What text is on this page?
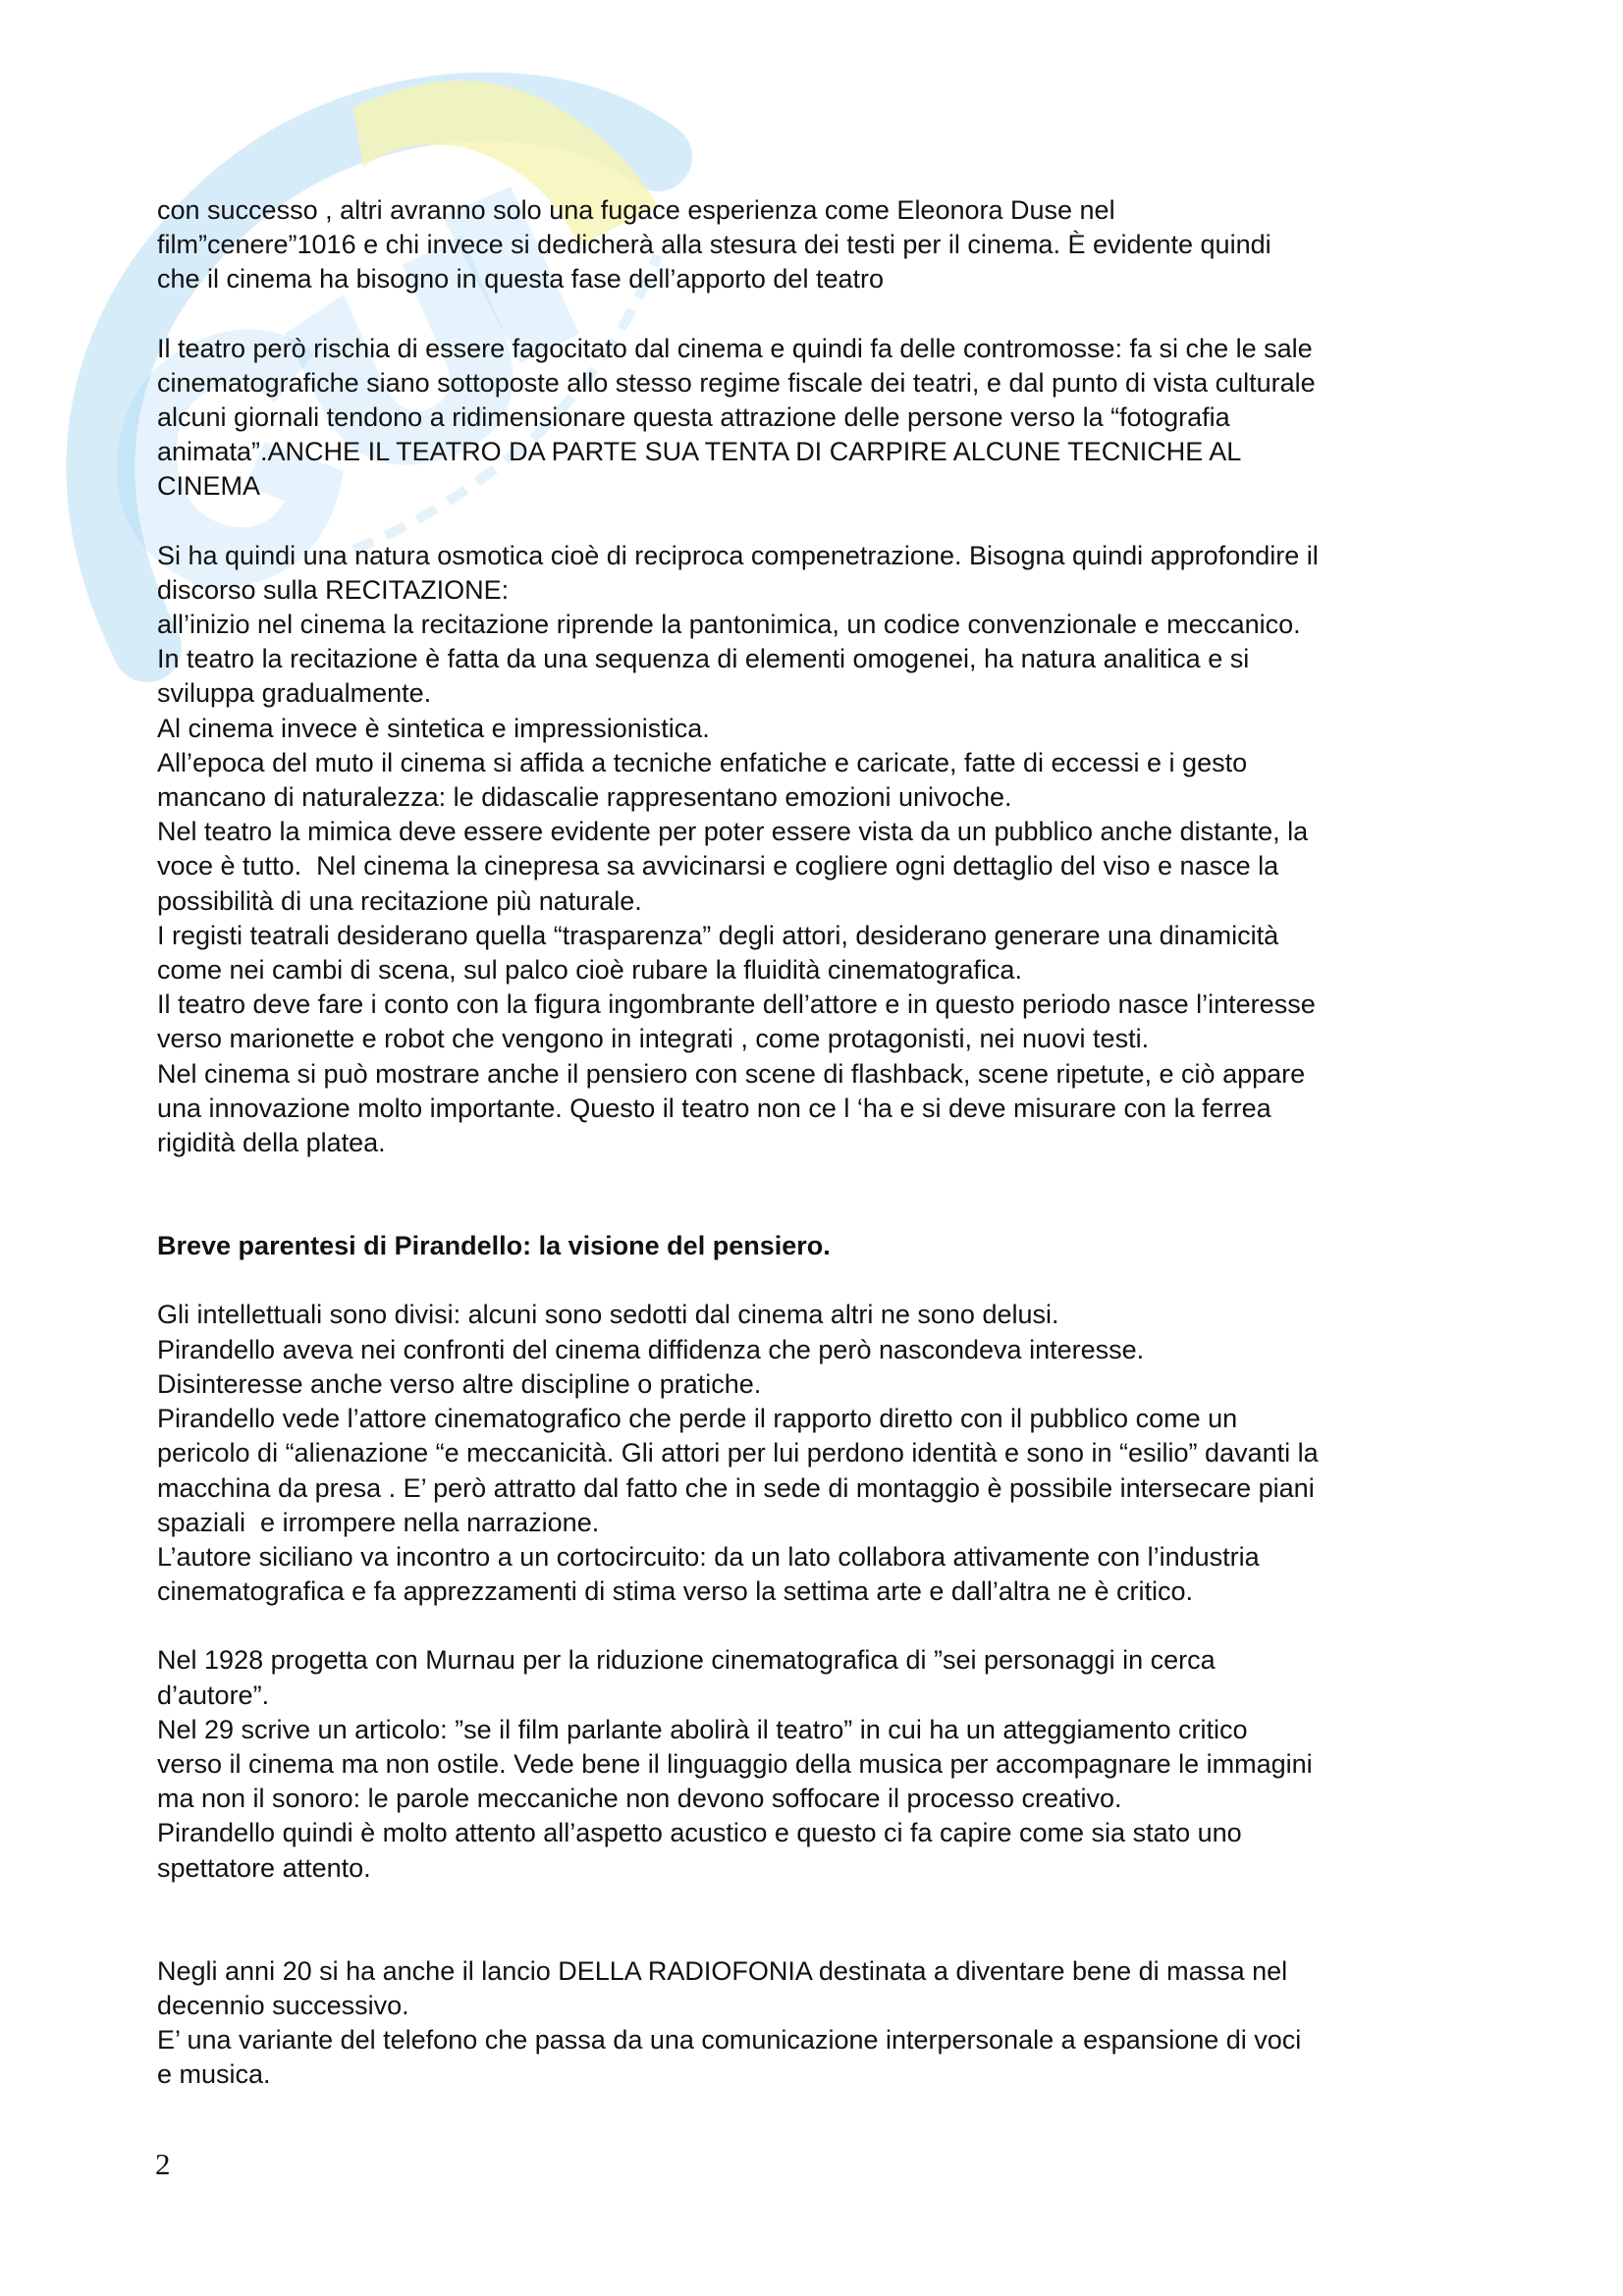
con successo , altri avranno solo una fugace esperienza come Eleonora Duse nel
film”cenere”1016 e chi invece si dedicherà alla stesura dei testi per il cinema. È evidente quindi
che il cinema ha bisogno in questa fase dell’apporto del teatro

Il teatro però rischia di essere fagocitato dal cinema e quindi fa delle contromosse: fa si che le sale
cinematografiche siano sottoposte allo stesso regime fiscale dei teatri, e dal punto di vista culturale
alcuni giornali tendono a ridimensionare questa attrazione delle persone verso la “fotografia
animata”.ANCHE IL TEATRO DA PARTE SUA TENTA DI CARPIRE ALCUNE TECNICHE AL
CINEMA

Si ha quindi una natura osmotica cioè di reciproca compenetrazione. Bisogna quindi approfondire il
discorso sulla RECITAZIONE:
all’inizio nel cinema la recitazione riprende la pantonimica, un codice convenzionale e meccanico.
In teatro la recitazione è fatta da una sequenza di elementi omogenei, ha natura analitica e si
sviluppa gradualmente.
Al cinema invece è sintetica e impressionistica.
All’epoca del muto il cinema si affida a tecniche enfatiche e caricate, fatte di eccessi e i gesto
mancano di naturalezza: le didascalie rappresentano emozioni univoche.
Nel teatro la mimica deve essere evidente per poter essere vista da un pubblico anche distante, la
voce è tutto.  Nel cinema la cinepresa sa avvicinarsi e cogliere ogni dettaglio del viso e nasce la
possibilità di una recitazione più naturale.
I registi teatrali desiderano quella “trasparenza” degli attori, desiderano generare una dinamicità
come nei cambi di scena, sul palco cioè rubare la fluidità cinematografica.
Il teatro deve fare i conto con la figura ingombrante dell’attore e in questo periodo nasce l’interesse
verso marionette e robot che vengono in integrati , come protagonisti, nei nuovi testi.
Nel cinema si può mostrare anche il pensiero con scene di flashback, scene ripetute, e ciò appare
una innovazione molto importante. Questo il teatro non ce l ‘ha e si deve misurare con la ferrea
rigidità della platea.

Breve parentesi di Pirandello: la visione del pensiero.

Gli intellettuali sono divisi: alcuni sono sedotti dal cinema altri ne sono delusi.
Pirandello aveva nei confronti del cinema diffidenza che però nascondeva interesse.
Disinteresse anche verso altre discipline o pratiche.
Pirandello vede l’attore cinematografico che perde il rapporto diretto con il pubblico come un
pericolo di “alienazione “e meccanicità. Gli attori per lui perdono identità e sono in “esilio” davanti la
macchina da presa . E’ però attratto dal fatto che in sede di montaggio è possibile intersecare piani
spaziali  e irrompere nella narrazione.
L’autore siciliano va incontro a un cortocircuito: da un lato collabora attivamente con l’industria
cinematografica e fa apprezzamenti di stima verso la settima arte e dall’altra ne è critico.

Nel 1928 progetta con Murnau per la riduzione cinematografica di ”sei personaggi in cerca
d’autore”.
Nel 29 scrive un articolo: ”se il film parlante abolirà il teatro” in cui ha un atteggiamento critico
verso il cinema ma non ostile. Vede bene il linguaggio della musica per accompagnare le immagini
ma non il sonoro: le parole meccaniche non devono soffocare il processo creativo.
Pirandello quindi è molto attento all’aspetto acustico e questo ci fa capire come sia stato uno
spettatore attento.

Negli anni 20 si ha anche il lancio DELLA RADIOFONIA destinata a diventare bene di massa nel
decennio successivo.
E’ una variante del telefono che passa da una comunicazione interpersonale a espansione di voci
e musica.

2
